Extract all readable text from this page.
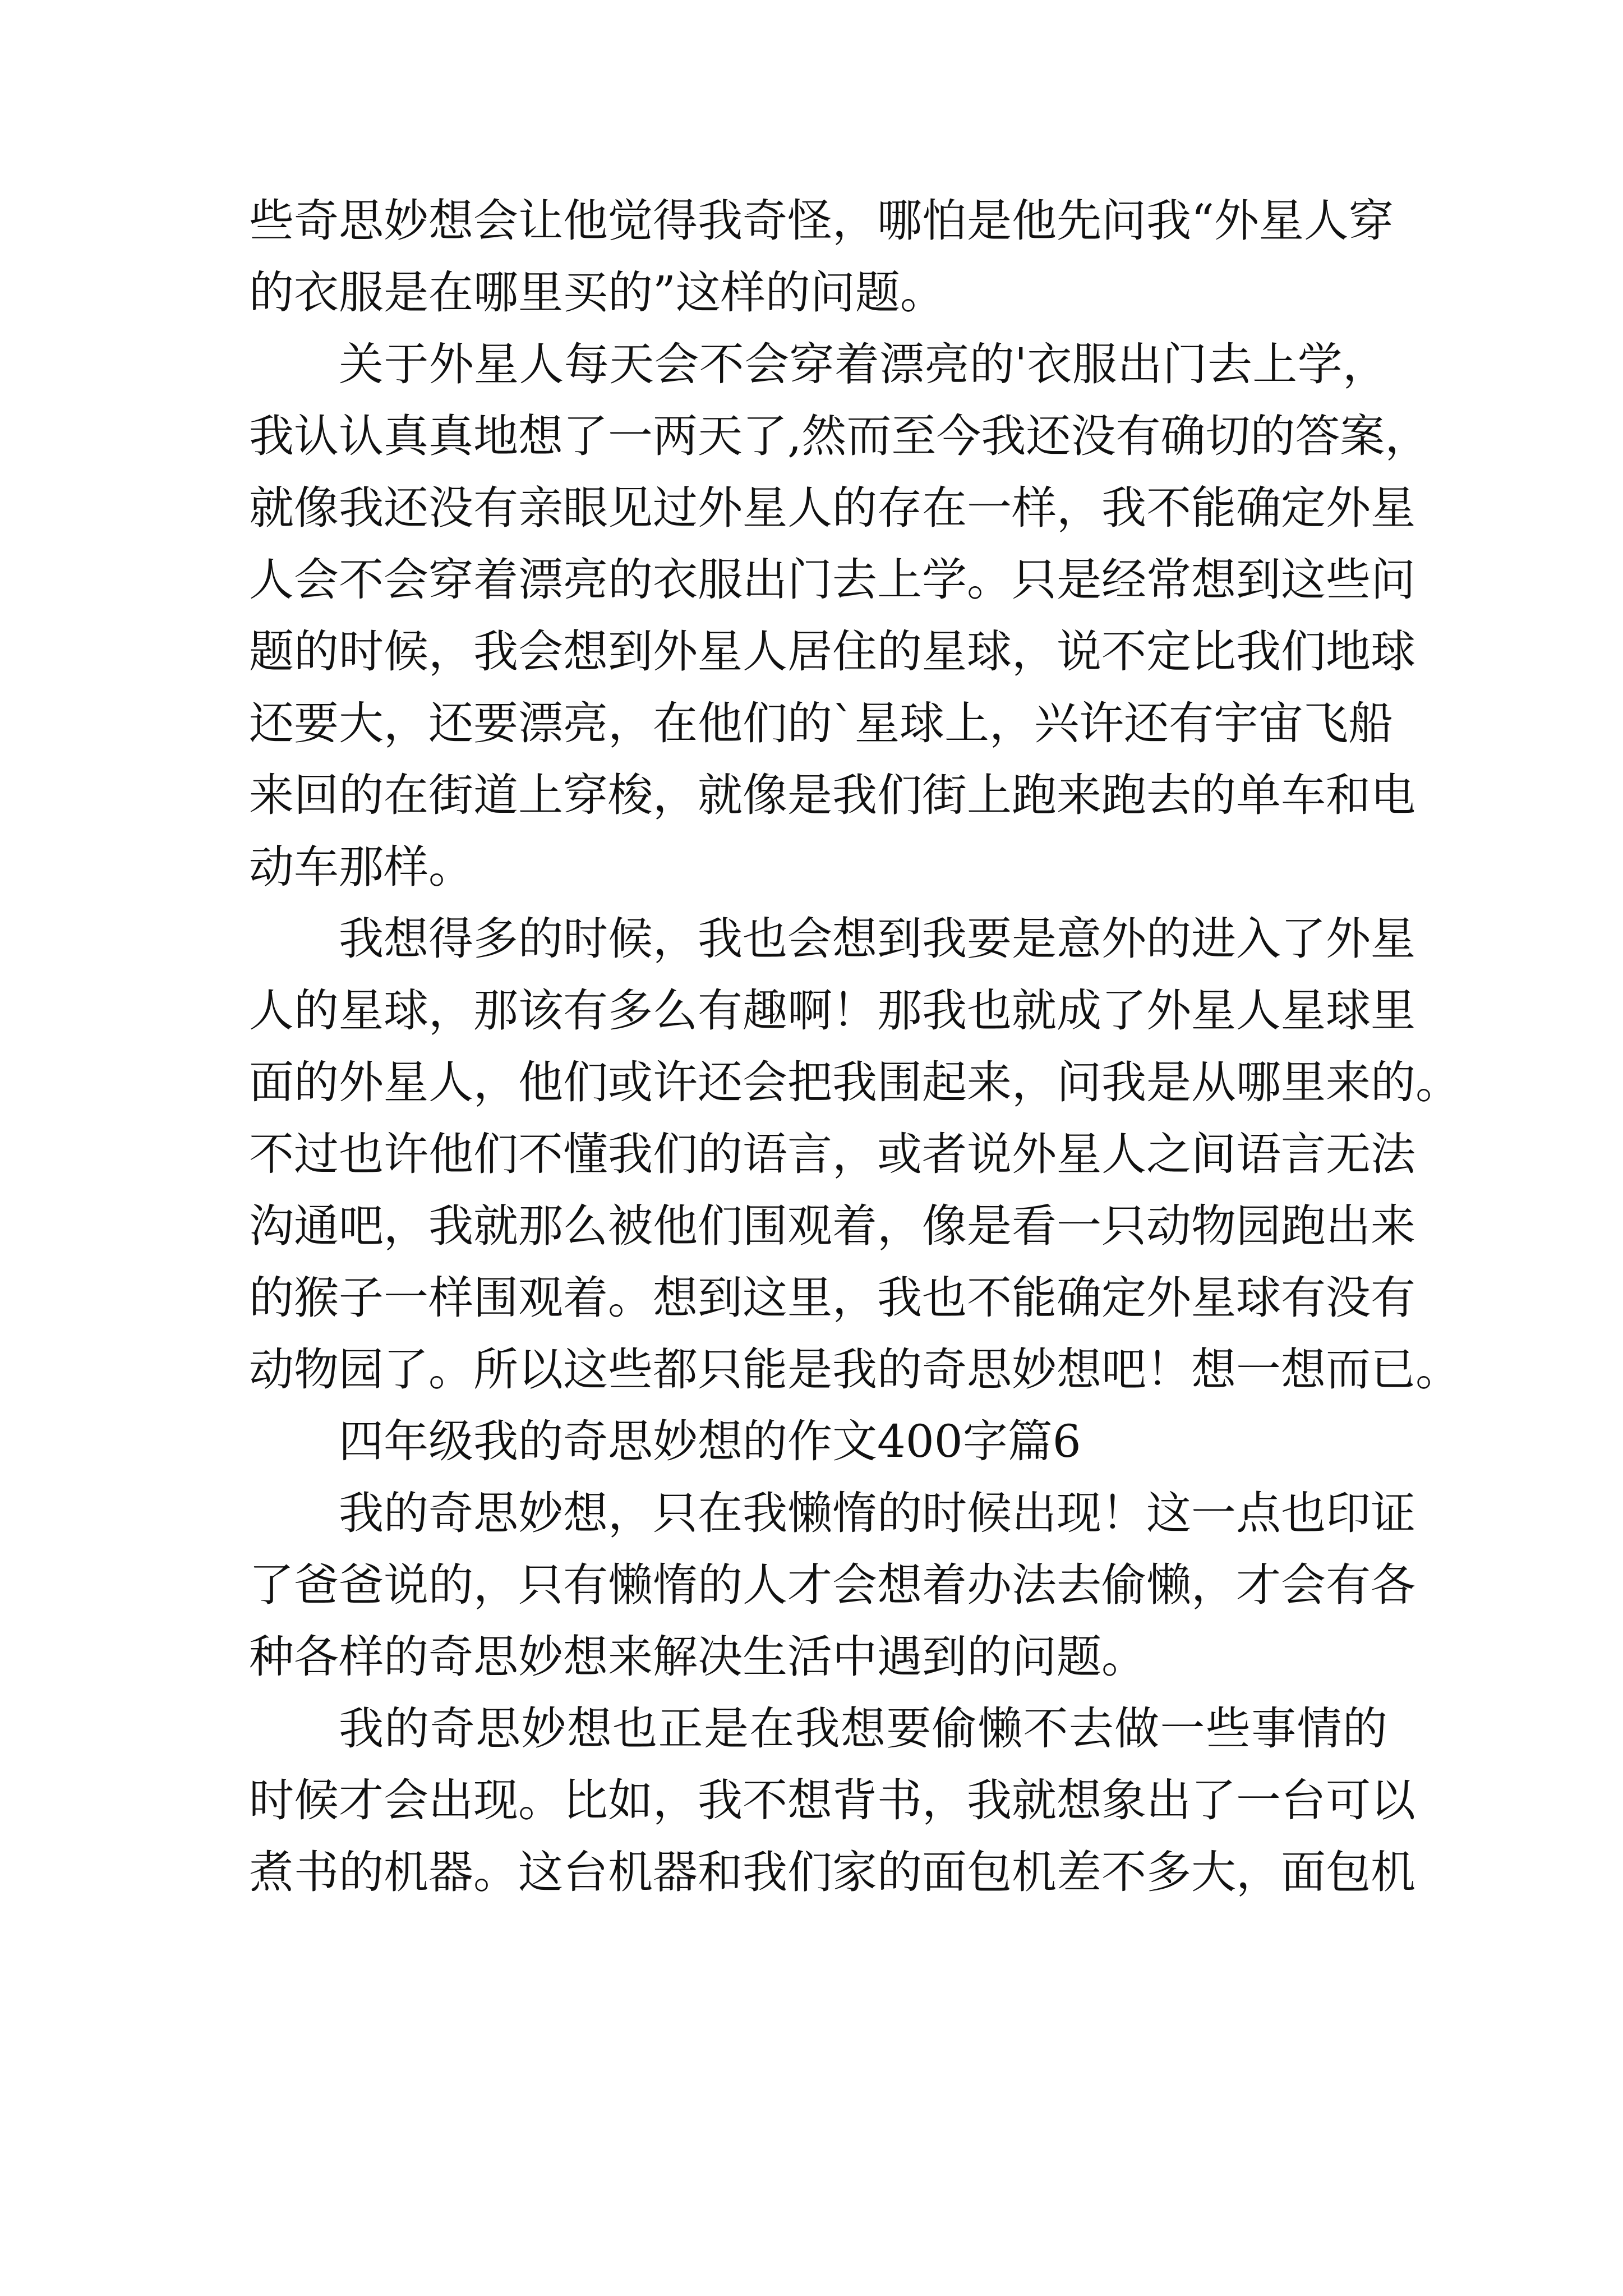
些奇思妙想会让他觉得我奇怪，哪怕是他先问我“外星人穿
的衣服是在哪里买的”这样的问题。
关于外星人每天会不会穿着漂亮的'衣服出门去上学，
我认认真真地想了一两天了,然而至今我还没有确切的答案，
就像我还没有亲眼见过外星人的存在一样，我不能确定外星
人会不会穿着漂亮的衣服出门去上学。只是经常想到这些问
题的时候，我会想到外星人居住的星球，说不定比我们地球
还要大，还要漂亮，在他们的`星球上，兴许还有宇宙飞船
来回的在街道上穿梭，就像是我们街上跑来跑去的单车和电
动车那样。
我想得多的时候，我也会想到我要是意外的进入了外星
人的星球，那该有多么有趣啊！那我也就成了外星人星球里
面的外星人，他们或许还会把我围起来，问我是从哪里来的。
不过也许他们不懂我们的语言，或者说外星人之间语言无法
沟通吧，我就那么被他们围观着，像是看一只动物园跑出来
的猴子一样围观着。想到这里，我也不能确定外星球有没有
动物园了。所以这些都只能是我的奇思妙想吧！想一想而已。
四年级我的奇思妙想的作文400字篇6
我的奇思妙想，只在我懒惰的时候出现！这一点也印证
了爸爸说的，只有懒惰的人才会想着办法去偷懒，才会有各
种各样的奇思妙想来解决生活中遇到的问题。
我的奇思妙想也正是在我想要偷懒不去做一些事情的
时候才会出现。比如，我不想背书，我就想象出了一台可以
煮书的机器。这台机器和我们家的面包机差不多大，面包机
